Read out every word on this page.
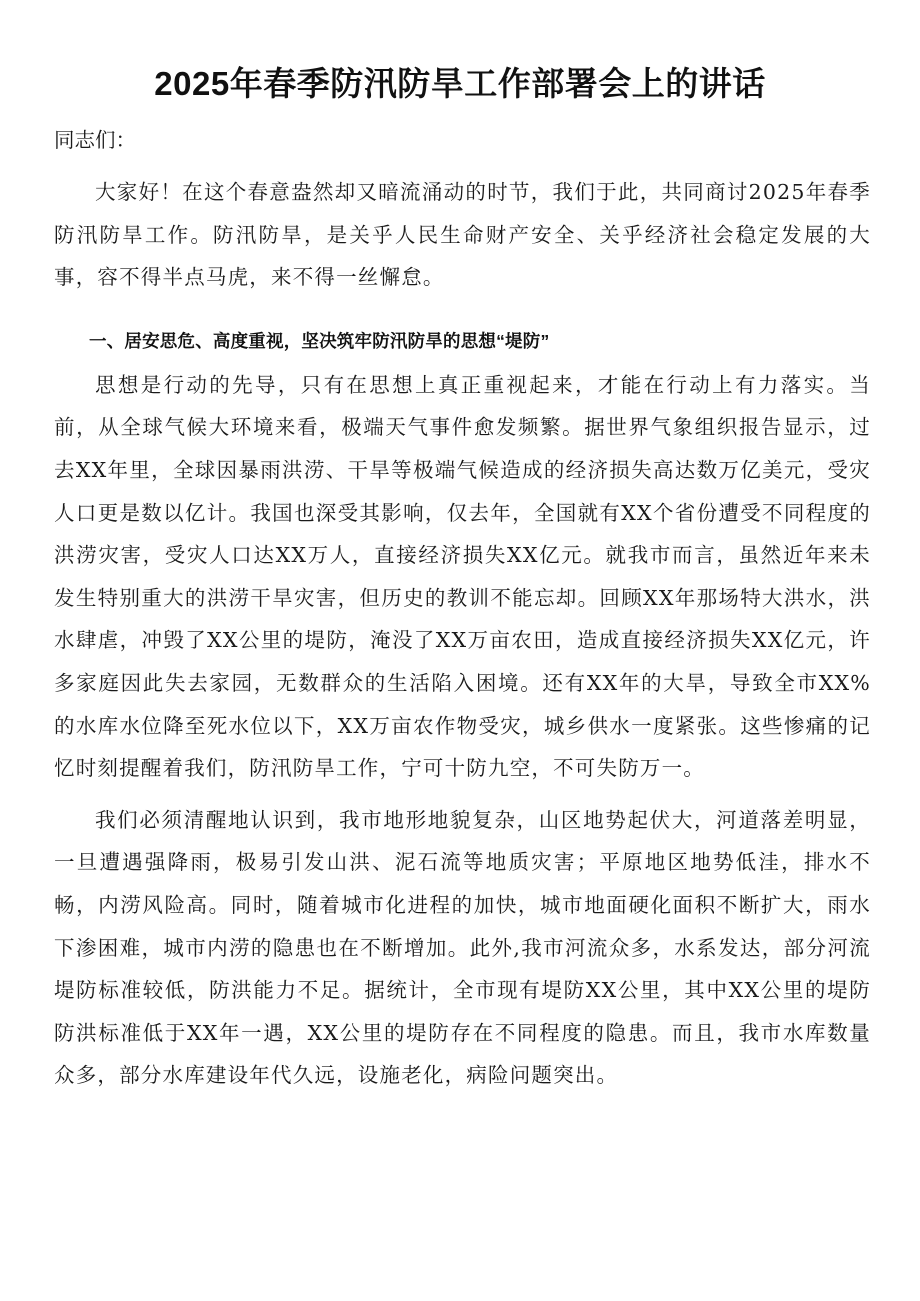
2025年春季防汛防旱工作部署会上的讲话

同志们：

大家好！在这个春意盎然却又暗流涌动的时节，我们于此，共同商讨2025年春季防汛防旱工作。防汛防旱，是关乎人民生命财产安全、关乎经济社会稳定发展的大事，容不得半点马虎，来不得一丝懈怠。

一、居安思危、高度重视，坚决筑牢防汛防旱的思想“堤防”

思想是行动的先导，只有在思想上真正重视起来，才能在行动上有力落实。当前，从全球气候大环境来看，极端天气事件愈发频繁。据世界气象组织报告显示，过去XX年里，全球因暴雨洪涝、干旱等极端气候造成的经济损失高达数万亿美元，受灾人口更是数以亿计。我国也深受其影响，仅去年，全国就有XX个省份遭受不同程度的洪涝灾害，受灾人口达XX万人，直接经济损失XX亿元。就我市而言，虽然近年来未发生特别重大的洪涝干旱灾害，但历史的教训不能忘却。回顾XX年那场特大洪水，洪水肆虐，冲毁了XX公里的堤防，淹没了XX万亩农田，造成直接经济损失XX亿元，许多家庭因此失去家园，无数群众的生活陷入困境。还有XX年的大旱，导致全市XX%的水库水位降至死水位以下，XX万亩农作物受灾，城乡供水一度紧张。这些惨痛的记忆时刻提醒着我们，防汛防旱工作，宁可十防九空，不可失防万一。

我们必须清醒地认识到，我市地形地貌复杂，山区地势起伏大，河道落差明显，一旦遭遇强降雨，极易引发山洪、泥石流等地质灾害；平原地区地势低洼，排水不畅，内涝风险高。同时，随着城市化进程的加快，城市地面硬化面积不断扩大，雨水下渗困难，城市内涝的隐患也在不断增加。此外,我市河流众多，水系发达，部分河流堤防标准较低，防洪能力不足。据统计，全市现有堤防XX公里，其中XX公里的堤防防洪标准低于XX年一遇，XX公里的堤防存在不同程度的隐患。而且，我市水库数量众多，部分水库建设年代久远，设施老化，病险问题突出。
